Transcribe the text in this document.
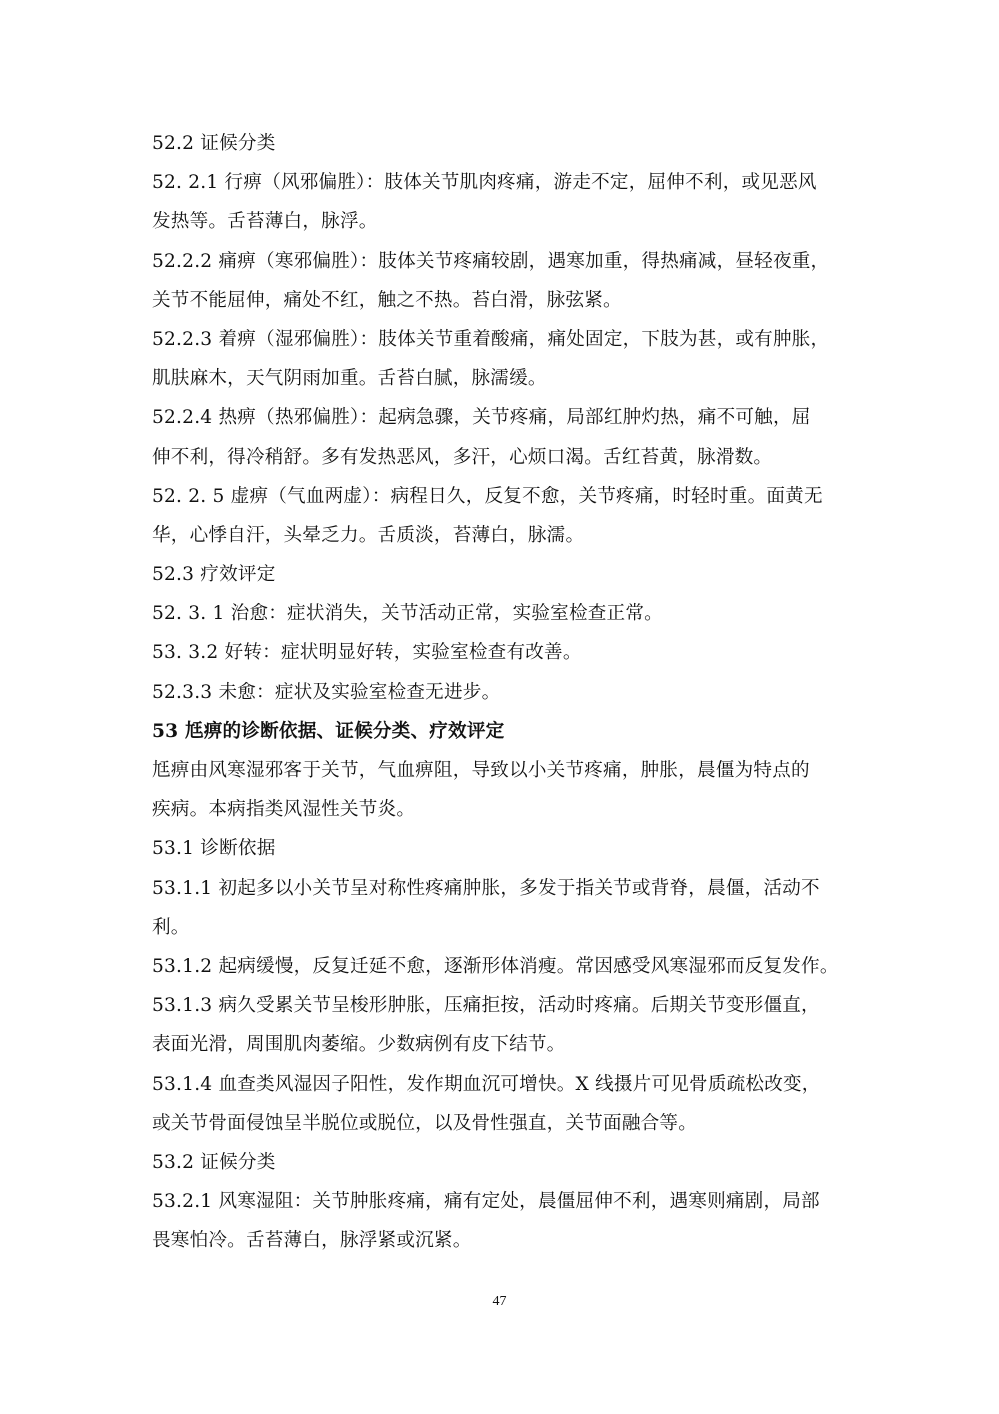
52.2 证候分类
52. 2.1 行痹（风邪偏胜）：肢体关节肌肉疼痛，游走不定，屈伸不利，或见恶风
发热等。舌苔薄白，脉浮。
52.2.2 痛痹（寒邪偏胜）：肢体关节疼痛较剧，遇寒加重，得热痛减，昼轻夜重，
关节不能屈伸，痛处不红，触之不热。苔白滑，脉弦紧。
52.2.3 着痹（湿邪偏胜）：肢体关节重着酸痛，痛处固定，下肢为甚，或有肿胀，
肌肤麻木，天气阴雨加重。舌苔白腻，脉濡缓。
52.2.4 热痹（热邪偏胜）：起病急骤，关节疼痛，局部红肿灼热，痛不可触，屈
伸不利，得冷稍舒。多有发热恶风，多汗，心烦口渴。舌红苔黄，脉滑数。
52. 2. 5 虚痹（气血两虚）：病程日久，反复不愈，关节疼痛，时轻时重。面黄无
华，心悸自汗，头晕乏力。舌质淡，苔薄白，脉濡。
52.3 疗效评定
52. 3. 1 治愈：症状消失，关节活动正常，实验室检查正常。
53. 3.2 好转：症状明显好转，实验室检查有改善。
52.3.3 未愈：症状及实验室检查无进步。
53 尪痹的诊断依据、证候分类、疗效评定
尪痹由风寒湿邪客于关节，气血痹阻，导致以小关节疼痛，肿胀，晨僵为特点的
疾病。本病指类风湿性关节炎。
53.1 诊断依据
53.1.1 初起多以小关节呈对称性疼痛肿胀，多发于指关节或背脊，晨僵，活动不
利。
53.1.2 起病缓慢，反复迁延不愈，逐渐形体消瘦。常因感受风寒湿邪而反复发作。
53.1.3 病久受累关节呈梭形肿胀，压痛拒按，活动时疼痛。后期关节变形僵直，
表面光滑，周围肌肉萎缩。少数病例有皮下结节。
53.1.4 血查类风湿因子阳性，发作期血沉可增快。X 线摄片可见骨质疏松改变，
或关节骨面侵蚀呈半脱位或脱位，以及骨性强直，关节面融合等。
53.2 证候分类
53.2.1 风寒湿阻：关节肿胀疼痛，痛有定处，晨僵屈伸不利，遇寒则痛剧，局部
畏寒怕冷。舌苔薄白，脉浮紧或沉紧。
47
